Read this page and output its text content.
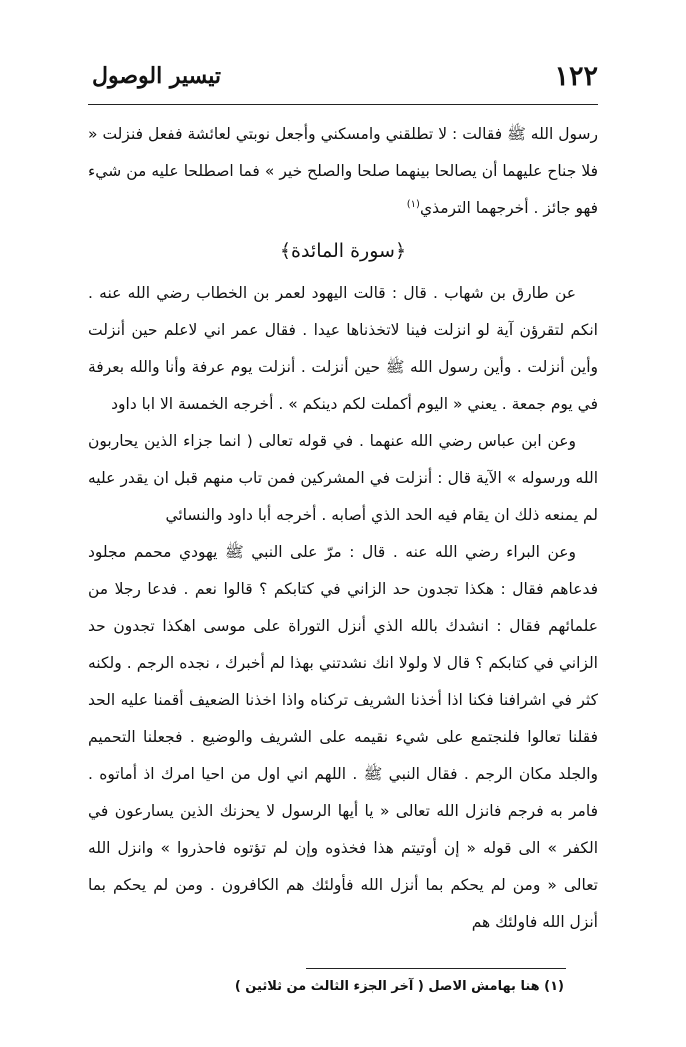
١٢٢
تيسير الوصول

رسول الله ﷺ فقالت : لا تطلقني وامسكني وأجعل نوبتي لعائشة ففعل فنزلت « فلا جناح عليهما أن يصالحا بينهما صلحا والصلح خير » فما اصطلحا عليه من شيء فهو جائز . أخرجهما الترمذي$^{(١)}$

﴿سورة المائدة﴾

عن طارق بن شهاب . قال : قالت اليهود لعمر بن الخطاب رضي الله عنه . انكم لتقرؤن آية لو انزلت فينا لاتخذناها عيدا . فقال عمر اني لاعلم حين أنزلت وأين أنزلت . وأين رسول الله ﷺ حين أنزلت . أنزلت يوم عرفة وأنا والله بعرفة في يوم جمعة . يعني « اليوم أكملت لكم دينكم » . أخرجه الخمسة الا ابا داود

وعن ابن عباس رضي الله عنهما . في قوله تعالى ( انما جزاء الذين يحاربون الله ورسوله » الآية قال : أنزلت في المشركين فمن تاب منهم قبل ان يقدر عليه لم يمنعه ذلك ان يقام فيه الحد الذي أصابه . أخرجه أبا داود والنسائي

وعن البراء رضي الله عنه . قال : مرّ على النبي ﷺ يهودي محمم مجلود فدعاهم فقال : هكذا تجدون حد الزاني في كتابكم ؟ قالوا نعم . فدعا رجلا من علمائهم فقال : انشدك بالله الذي أنزل التوراة على موسى اهكذا تجدون حد الزاني في كتابكم ؟ قال لا ولولا انك نشدتني بهذا لم أخبرك ، نجده الرجم . ولكنه كثر في اشرافنا فكنا اذا أخذنا الشريف تركناه واذا اخذنا الضعيف أقمنا عليه الحد فقلنا تعالوا فلنجتمع على شيء نقيمه على الشريف والوضيع . فجعلنا التحميم والجلد مكان الرجم . فقال النبي ﷺ . اللهم اني اول من احيا امرك اذ أماتوه . فامر به فرجم فانزل الله تعالى « يا أيها الرسول لا يحزنك الذين يسارعون في الكفر » الى قوله « إن أوتيتم هذا فخذوه وإن لم تؤتوه فاحذروا » وانزل الله تعالى « ومن لم يحكم بما أنزل الله فأولئك هم الكافرون . ومن لم يحكم بما أنزل الله فاولئك هم

(١) هنا بهامش الاصل ( آخر الجزء الثالث من ثلاثين )
